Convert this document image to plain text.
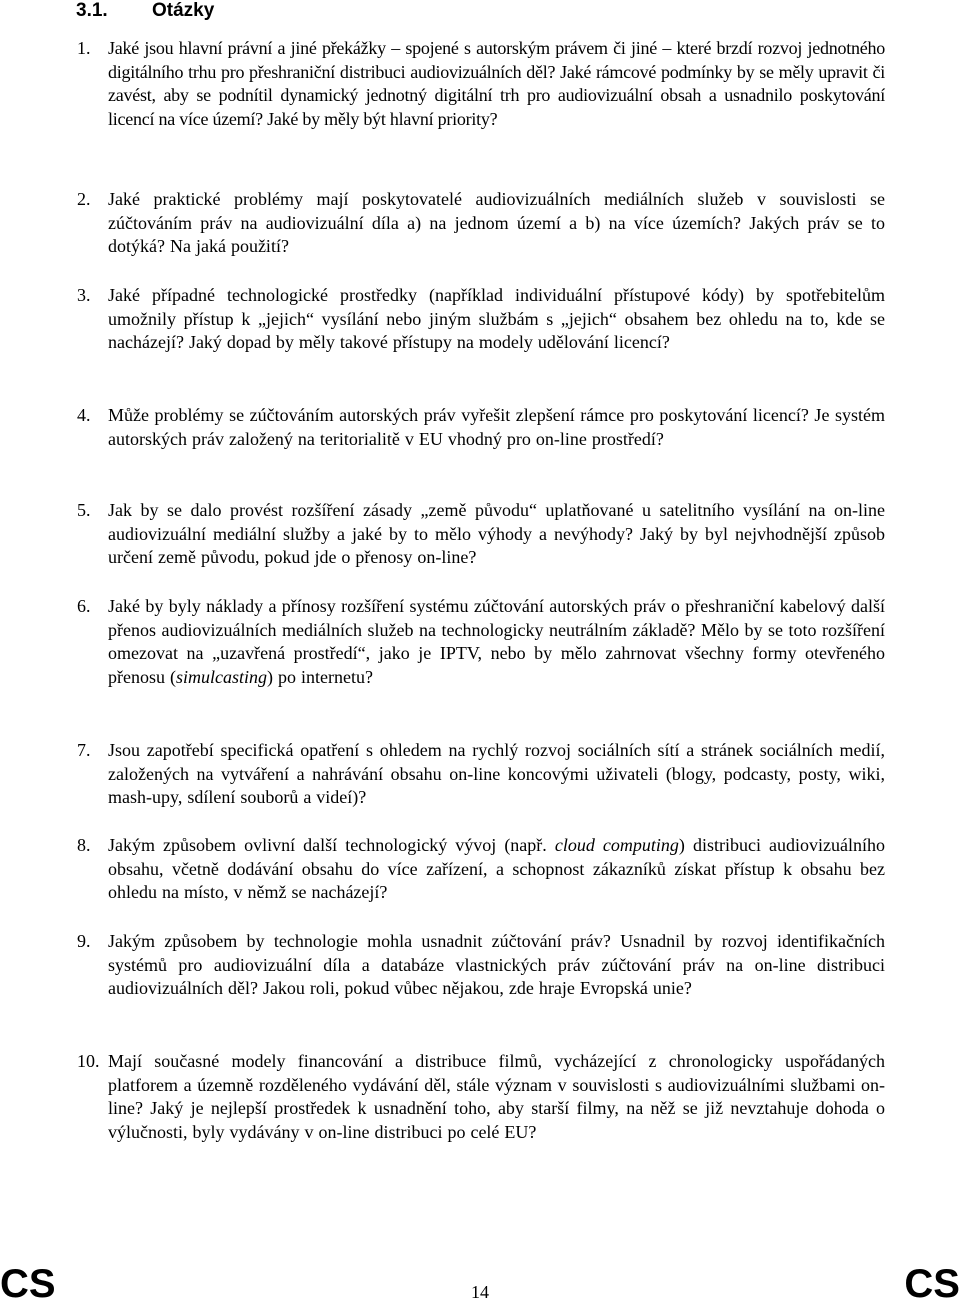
3.1. Otázky
1. Jaké jsou hlavní právní a jiné překážky – spojené s autorským právem či jiné – které brzdí rozvoj jednotného digitálního trhu pro přeshraniční distribuci audiovizuálních děl? Jaké rámcové podmínky by se měly upravit či zavést, aby se podnítil dynamický jednotný digitální trh pro audiovizuální obsah a usnadnilo poskytování licencí na více území? Jaké by měly být hlavní priority?
2. Jaké praktické problémy mají poskytovatelé audiovizuálních mediálních služeb v souvislosti se zúčtováním práv na audiovizuální díla a) na jednom území a b) na více územích? Jakých práv se to dotýká? Na jaká použití?
3. Jaké případné technologické prostředky (například individuální přístupové kódy) by spotřebitelům umožnily přístup k „jejich“ vysílání nebo jiným službám s „jejich“ obsahem bez ohledu na to, kde se nacházejí? Jaký dopad by měly takové přístupy na modely udělování licencí?
4. Může problémy se zúčtováním autorských práv vyřešit zlepšení rámce pro poskytování licencí? Je systém autorských práv založený na teritorialitě v EU vhodný pro on-line prostředí?
5. Jak by se dalo provést rozšíření zásady „země původu“ uplatňované u satelitního vysílání na on-line audiovizuální mediální služby a jaké by to mělo výhody a nevýhody? Jaký by byl nejvhodnější způsob určení země původu, pokud jde o přenosy on-line?
6. Jaké by byly náklady a přínosy rozšíření systému zúčtování autorských práv o přeshraniční kabelový další přenos audiovizuálních mediálních služeb na technologicky neutrálním základě? Mělo by se toto rozšíření omezovat na „uzavřená prostředí“, jako je IPTV, nebo by mělo zahrnovat všechny formy otevřeného přenosu (simulcasting) po internetu?
7. Jsou zapotřebí specifická opatření s ohledem na rychlý rozvoj sociálních sítí a stránek sociálních medií, založených na vytváření a nahrávání obsahu on-line koncovými uživateli (blogy, podcasty, posty, wiki, mash-upy, sdílení souborů a videí)?
8. Jakým způsobem ovlivní další technologický vývoj (např. cloud computing) distribuci audiovizuálního obsahu, včetně dodávání obsahu do více zařízení, a schopnost zákazníků získat přístup k obsahu bez ohledu na místo, v němž se nacházejí?
9. Jakým způsobem by technologie mohla usnadnit zúčtování práv? Usnadnil by rozvoj identifikačních systémů pro audiovizuální díla a databáze vlastnických práv zúčtování práv na on-line distribuci audiovizuálních děl? Jakou roli, pokud vůbec nějakou, zde hraje Evropská unie?
10. Mají současné modely financování a distribuce filmů, vycházející z chronologicky uspořádaných platforem a územně rozděleného vydávání děl, stále význam v souvislosti s audiovizuálními službami on-line? Jaký je nejlepší prostředek k usnadnění toho, aby starší filmy, na něž se již nevztahuje dohoda o výlučnosti, byly vydávány v on-line distribuci po celé EU?
CS	14	CS
